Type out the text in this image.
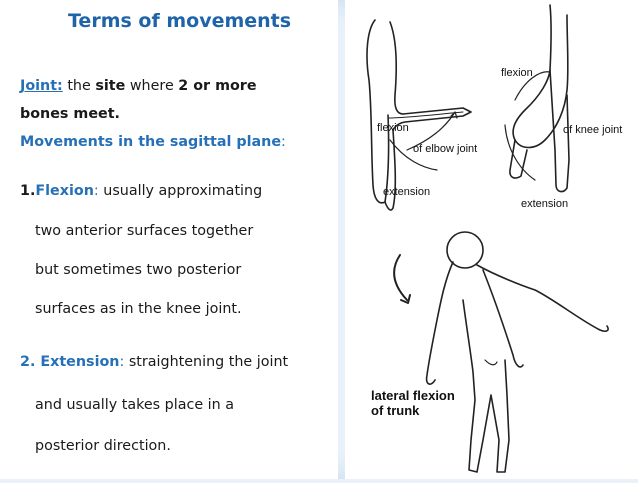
Terms of movements
Joint: the site where 2 or more
bones meet.
Movements in the sagittal plane:
1.Flexion: usually approximating
two anterior surfaces together
but sometimes two posterior
surfaces as in the knee joint.
2. Extension: straightening the joint
and usually takes place in a
posterior direction.
flexion
of elbow joint
extension
flexion
of knee joint
extension
lateral flexion
of trunk
